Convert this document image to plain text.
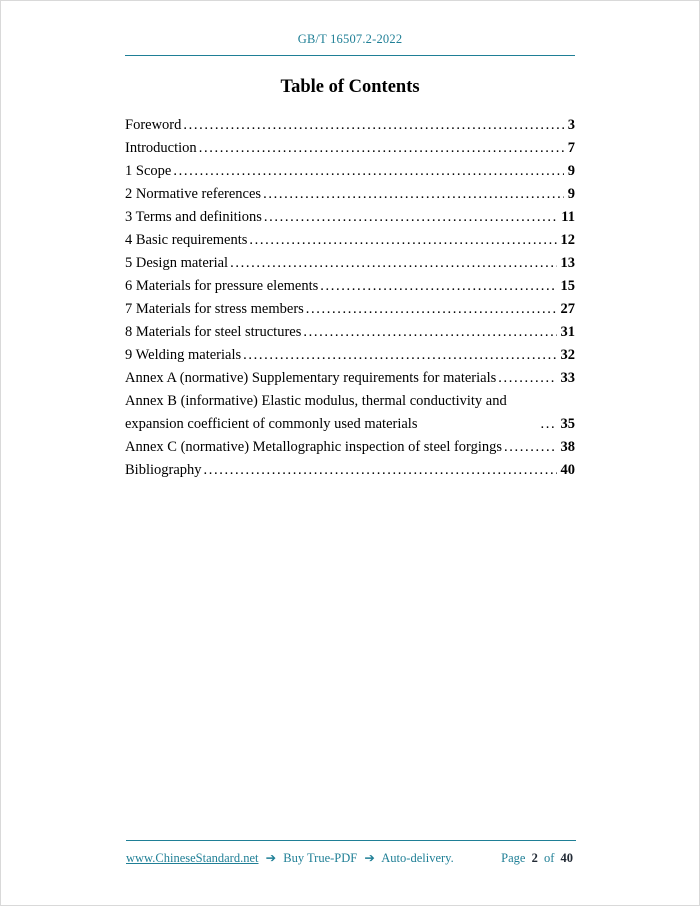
GB/T 16507.2-2022
Table of Contents
Foreword . . .	3
Introduction . . .	7
1 Scope . . .	9
2 Normative references . . .	9
3 Terms and definitions . . .	11
4 Basic requirements . . .	12
5 Design material . . .	13
6 Materials for pressure elements . . .	15
7 Materials for stress members . . .	27
8 Materials for steel structures . . .	31
9 Welding materials . . .	32
Annex A (normative) Supplementary requirements for materials . . .	33
Annex B (informative) Elastic modulus, thermal conductivity and expansion coefficient of commonly used materials . . .	35
Annex C (normative) Metallographic inspection of steel forgings . . .	38
Bibliography . . .	40
www.ChineseStandard.net ➔ Buy True-PDF ➔ Auto-delivery.	Page 2 of 40
